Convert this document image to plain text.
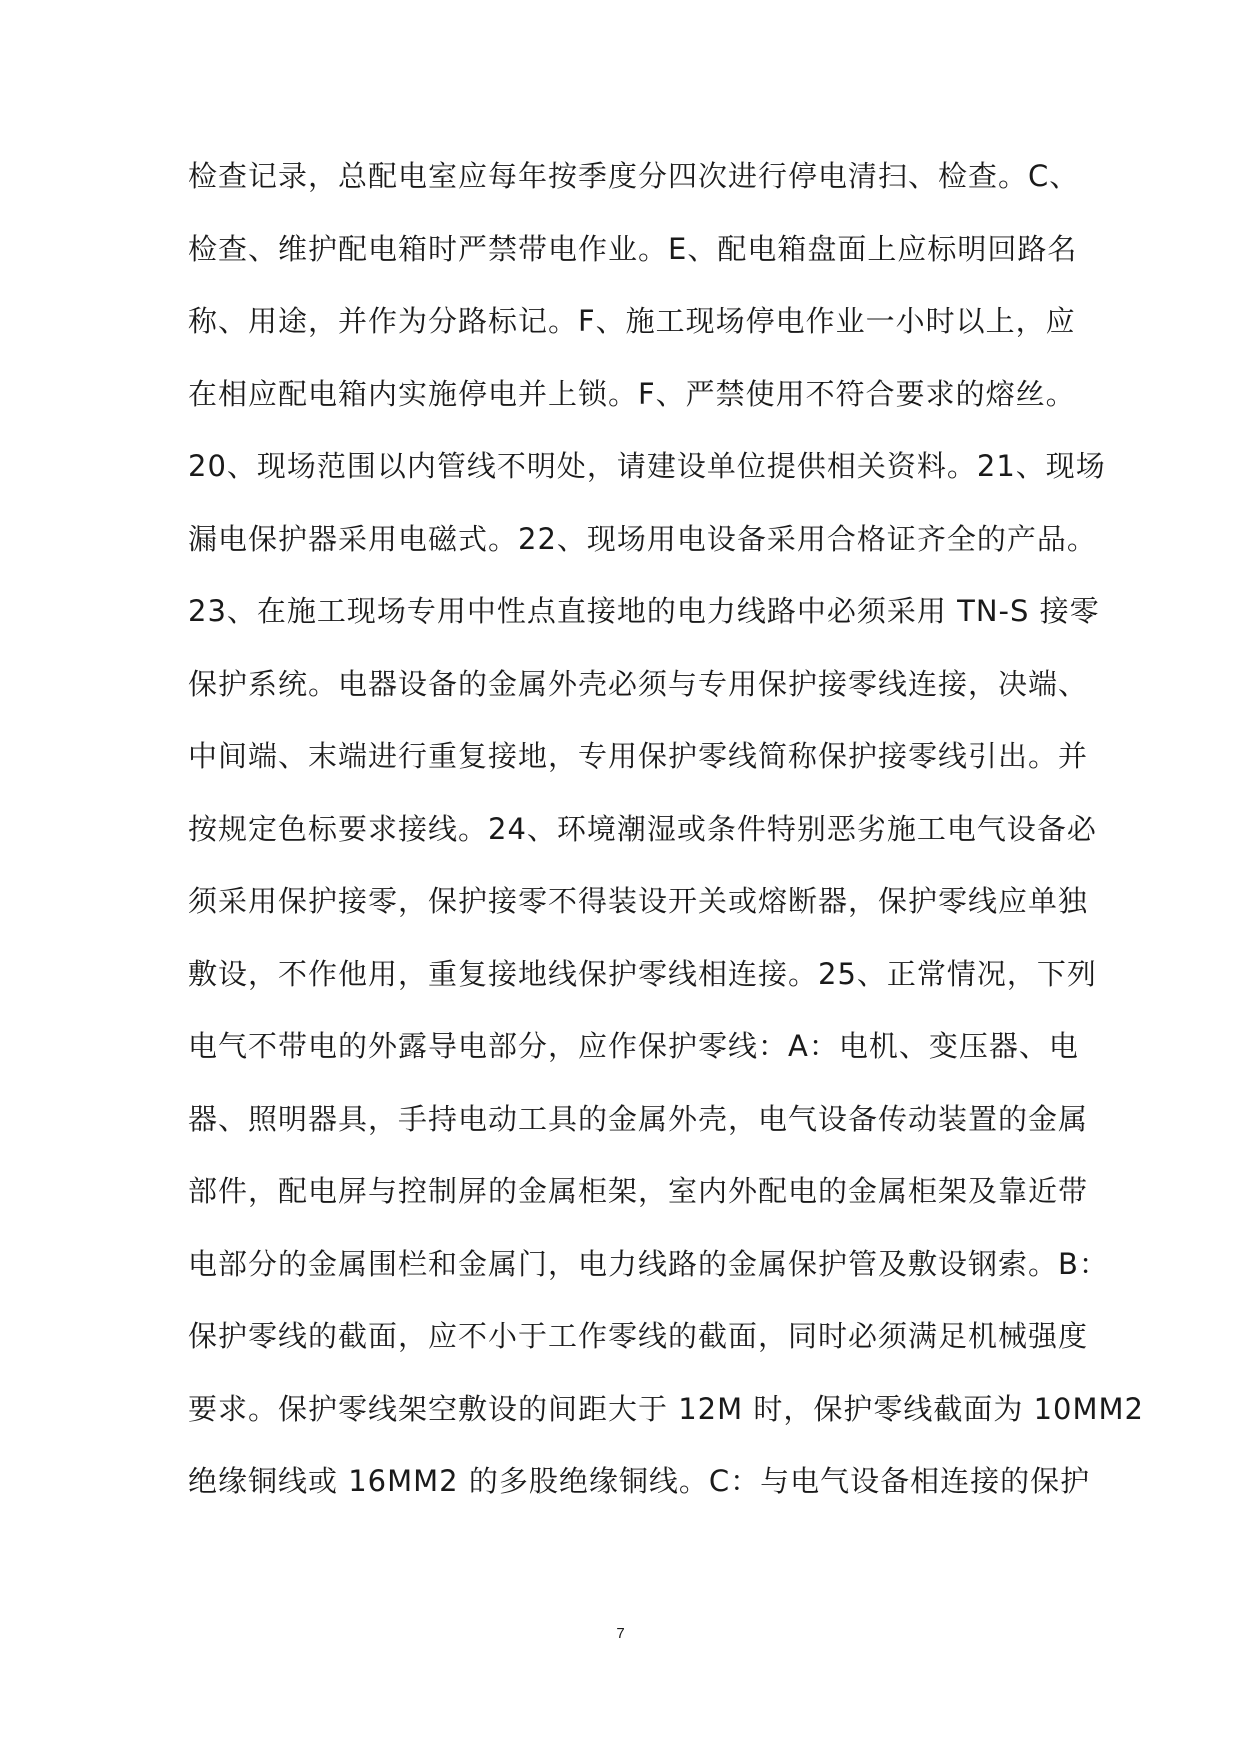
检查记录，总配电室应每年按季度分四次进行停电清扫、检查。C、
检查、维护配电箱时严禁带电作业。E、配电箱盘面上应标明回路名
称、用途，并作为分路标记。F、施工现场停电作业一小时以上，应
在相应配电箱内实施停电并上锁。F、严禁使用不符合要求的熔丝。
20、现场范围以内管线不明处，请建设单位提供相关资料。21、现场
漏电保护器采用电磁式。22、现场用电设备采用合格证齐全的产品。
23、在施工现场专用中性点直接地的电力线路中必须采用 TN-S 接零
保护系统。电器设备的金属外壳必须与专用保护接零线连接，决端、
中间端、末端进行重复接地，专用保护零线简称保护接零线引出。并
按规定色标要求接线。24、环境潮湿或条件特别恶劣施工电气设备必
须采用保护接零，保护接零不得装设开关或熔断器，保护零线应单独
敷设，不作他用，重复接地线保护零线相连接。25、正常情况，下列
电气不带电的外露导电部分，应作保护零线：A：电机、变压器、电
器、照明器具，手持电动工具的金属外壳，电气设备传动装置的金属
部件，配电屏与控制屏的金属柜架，室内外配电的金属柜架及靠近带
电部分的金属围栏和金属门，电力线路的金属保护管及敷设钢索。B：
保护零线的截面，应不小于工作零线的截面，同时必须满足机械强度
要求。保护零线架空敷设的间距大于 12M 时，保护零线截面为 10MM2
绝缘铜线或 16MM2 的多股绝缘铜线。C：与电气设备相连接的保护
7
